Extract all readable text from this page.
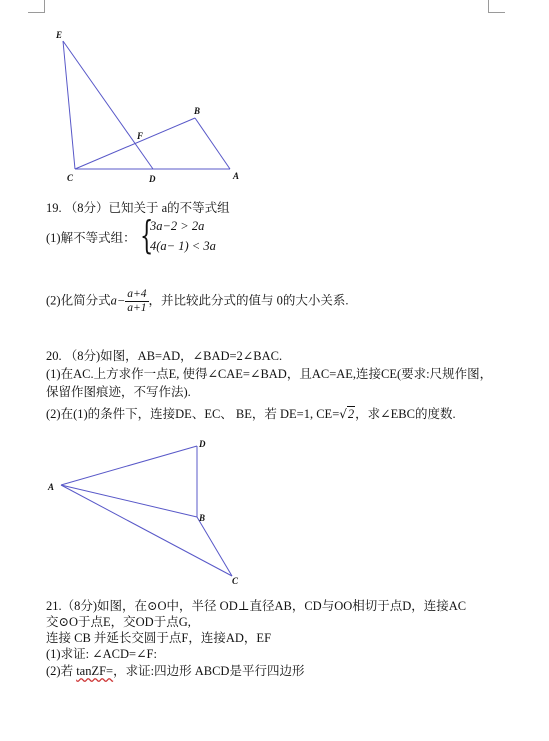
E
B
F
C	D	A
19. （8分）已知关于 a的不等式组
(1)解不等式组： {
3a−2 > 2a
4(a− 1) < 3a
(2)化简分式$a- \frac{a+4}{a+1}$ ，并比较此分式的值与 0的大小关系.
20. （8分)如图，AB=AD，∠BAD=2∠BAC.
(1)在AC.上方求作一点E, 使得∠CAE=∠BAD，且AC=AE,连接CE(要求:尺规作图，
保留作图痕迹，不写作法).
(2)在(1)的条件下，连接DE、EC、 BE，若 DE=1, CE=√2，求∠EBC的度数.
D
A
B
C
21.（8分)如图，在⊙O中，半径 OD⊥直径AB，CD与OO相切于点D，连接AC
交⊙O于点E，交OD于点G,
连接 CB 并延长交圆于点F，连接AD，EF
(1)求证: ∠ACD=∠F:
(2)若 tanZF=，求证:四边形 ABCD是平行四边形
